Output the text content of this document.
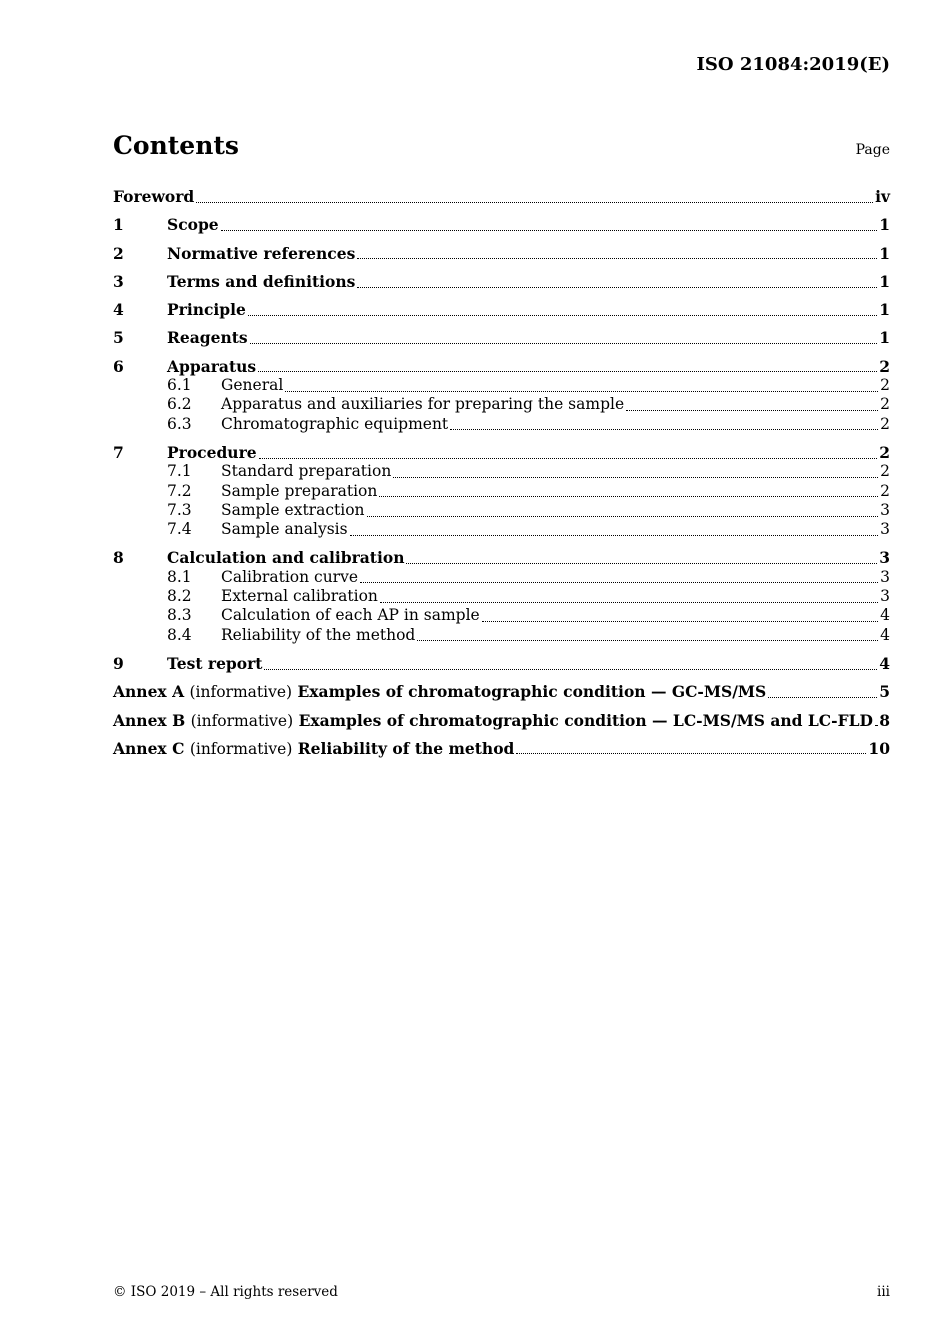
ISO 21084:2019(E)
Contents	Page
Foreword	iv
1	Scope	1
2	Normative references	1
3	Terms and definitions	1
4	Principle	1
5	Reagents	1
6	Apparatus	2
6.1	General	2
6.2	Apparatus and auxiliaries for preparing the sample	2
6.3	Chromatographic equipment	2
7	Procedure	2
7.1	Standard preparation	2
7.2	Sample preparation	2
7.3	Sample extraction	3
7.4	Sample analysis	3
8	Calculation and calibration	3
8.1	Calibration curve	3
8.2	External calibration	3
8.3	Calculation of each AP in sample	4
8.4	Reliability of the method	4
9	Test report	4
Annex A (informative) Examples of chromatographic condition — GC-MS/MS	5
Annex B (informative) Examples of chromatographic condition — LC-MS/MS and LC-FLD 8
Annex C (informative) Reliability of the method	10
© ISO 2019 – All rights reserved	iii
